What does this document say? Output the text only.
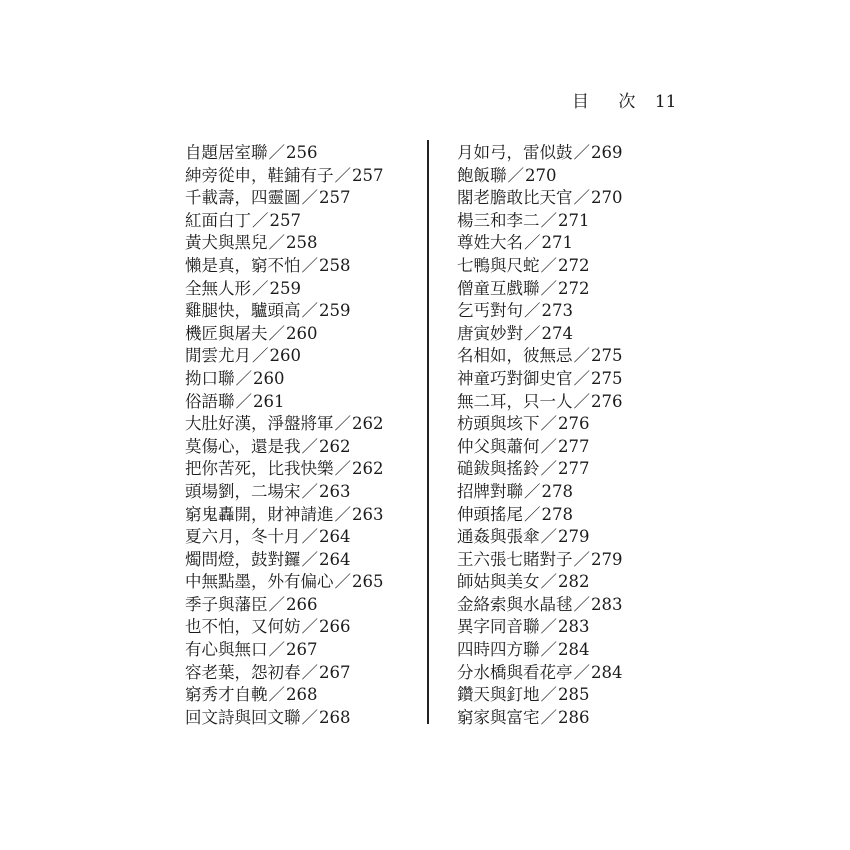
目 次 11
自題居室聯／256
紳旁從申，鞋鋪有子／257
千載壽，四靈圖／257
紅面白丁／257
黃犬與黑兒／258
懶是真，窮不怕／258
全無人形／259
雞腿快，驢頭高／259
機匠與屠夫／260
閒雲尤月／260
拗口聯／260
俗語聯／261
大肚好漢，淨盤將軍／262
莫傷心，還是我／262
把你苦死，比我快樂／262
頭場劉，二場宋／263
窮鬼轟開，財神請進／263
夏六月，冬十月／264
燭問燈，鼓對鑼／264
中無點墨，外有偏心／265
季子與藩臣／266
也不怕，又何妨／266
有心與無口／267
容老葉，怨初春／267
窮秀才自輓／268
回文詩與回文聯／268
月如弓，雷似鼓／269
飽飯聯／270
閣老膽敢比天官／270
楊三和李二／271
尊姓大名／271
七鴨與尺蛇／272
僧童互戲聯／272
乞丐對句／273
唐寅妙對／274
名相如，彼無忌／275
神童巧對御史官／275
無二耳，只一人／276
枋頭與垓下／276
仲父與蕭何／277
磓鈸與搖鈴／277
招牌對聯／278
伸頭搖尾／278
通姦與張傘／279
王六張七賭對子／279
師姑與美女／282
金絡索與水晶毬／283
異字同音聯／283
四時四方聯／284
分水橋與看花亭／284
鑽天與釘地／285
窮家與富宅／286
